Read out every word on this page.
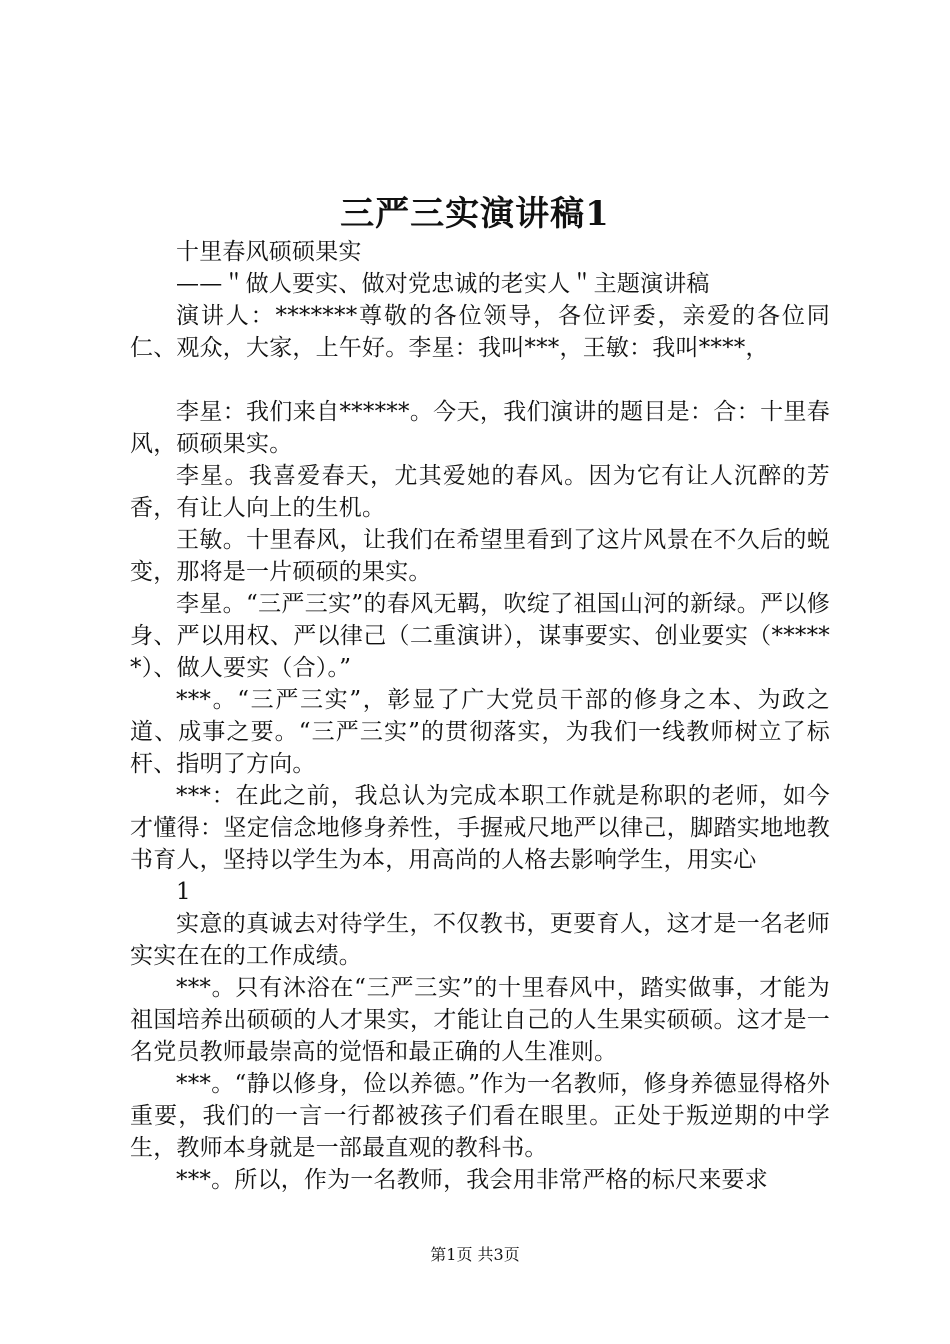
三严三实演讲稿1

十里春风硕硕果实

——＂做人要实、做对党忠诚的老实人＂主题演讲稿

演讲人：*******尊敬的各位领导，各位评委，亲爱的各位同仁、观众，大家，上午好。李星：我叫***，王敏：我叫****，

李星：我们来自******。今天，我们演讲的题目是：合：十里春风，硕硕果实。

李星。我喜爱春天，尤其爱她的春风。因为它有让人沉醉的芳香，有让人向上的生机。

王敏。十里春风，让我们在希望里看到了这片风景在不久后的蜕变，那将是一片硕硕的果实。

李星。“三严三实”的春风无羁，吹绽了祖国山河的新绿。严以修身、严以用权、严以律己（二重演讲），谋事要实、创业要实（******）、做人要实（合）。”

***。“三严三实”，彰显了广大党员干部的修身之本、为政之道、成事之要。“三严三实”的贯彻落实，为我们一线教师树立了标杆、指明了方向。

***：在此之前，我总认为完成本职工作就是称职的老师，如今才懂得：坚定信念地修身养性，手握戒尺地严以律己，脚踏实地地教书育人，坚持以学生为本，用高尚的人格去影响学生，用实心

1

实意的真诚去对待学生，不仅教书，更要育人，这才是一名老师实实在在的工作成绩。

***。只有沐浴在“三严三实”的十里春风中，踏实做事，才能为祖国培养出硕硕的人才果实，才能让自己的人生果实硕硕。这才是一名党员教师最崇高的觉悟和最正确的人生准则。

***。“静以修身，俭以养德。”作为一名教师，修身养德显得格外重要，我们的一言一行都被孩子们看在眼里。正处于叛逆期的中学生，教师本身就是一部最直观的教科书。

***。所以，作为一名教师，我会用非常严格的标尺来要求

第1页 共3页
